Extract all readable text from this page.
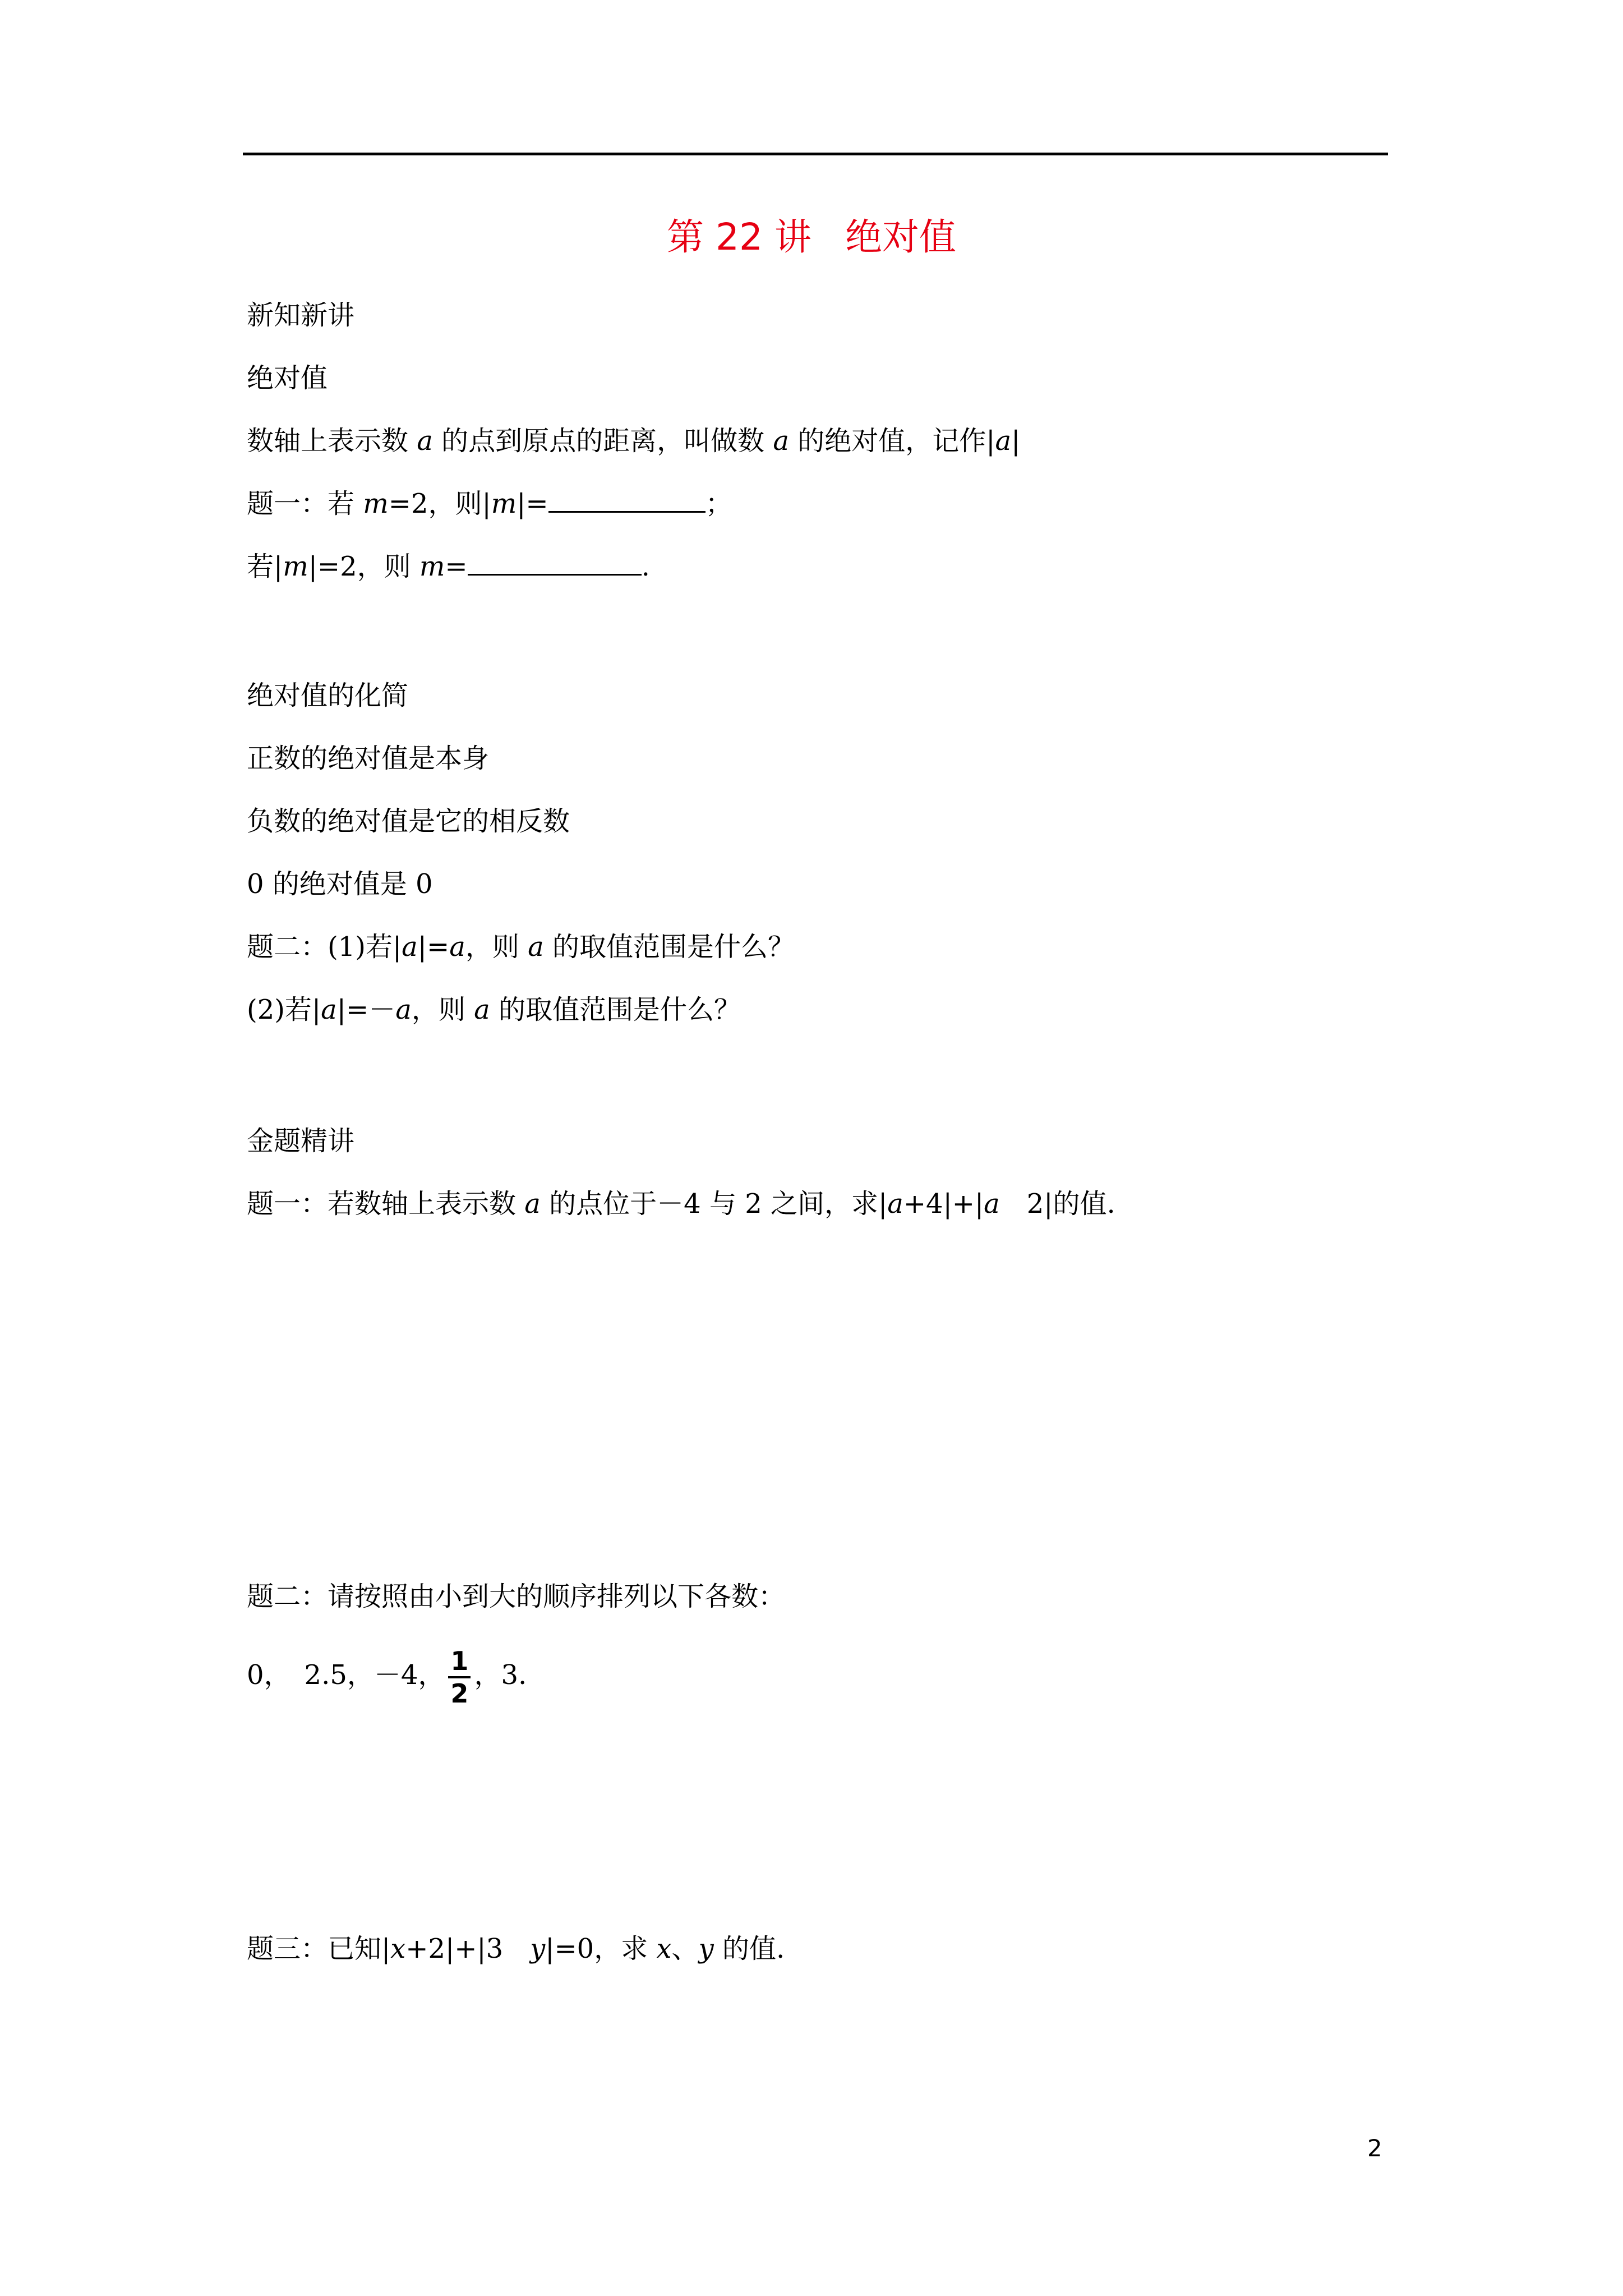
第 22 讲 绝对值
新知新讲
绝对值
数轴上表示数 a 的点到原点的距离，叫做数 a 的绝对值，记作|a|
题一：若 m=2，则|m|=	；
若|m|=2，则 m=	.
绝对值的化简
正数的绝对值是本身
负数的绝对值是它的相反数
0 的绝对值是 0
题二：(1)若|a|=a，则 a 的取值范围是什么？
(2)若|a|=－a，则 a 的取值范围是什么？
金题精讲
题一：若数轴上表示数 a 的点位于－4 与 2 之间，求|a+4|+|a　2|的值.
题二：请按照由小到大的顺序排列以下各数：
0，　2.5，－4， $\frac{1}{2}$ ，3.
题三：已知|x+2|+|3　y|=0，求 x、y 的值.
2
